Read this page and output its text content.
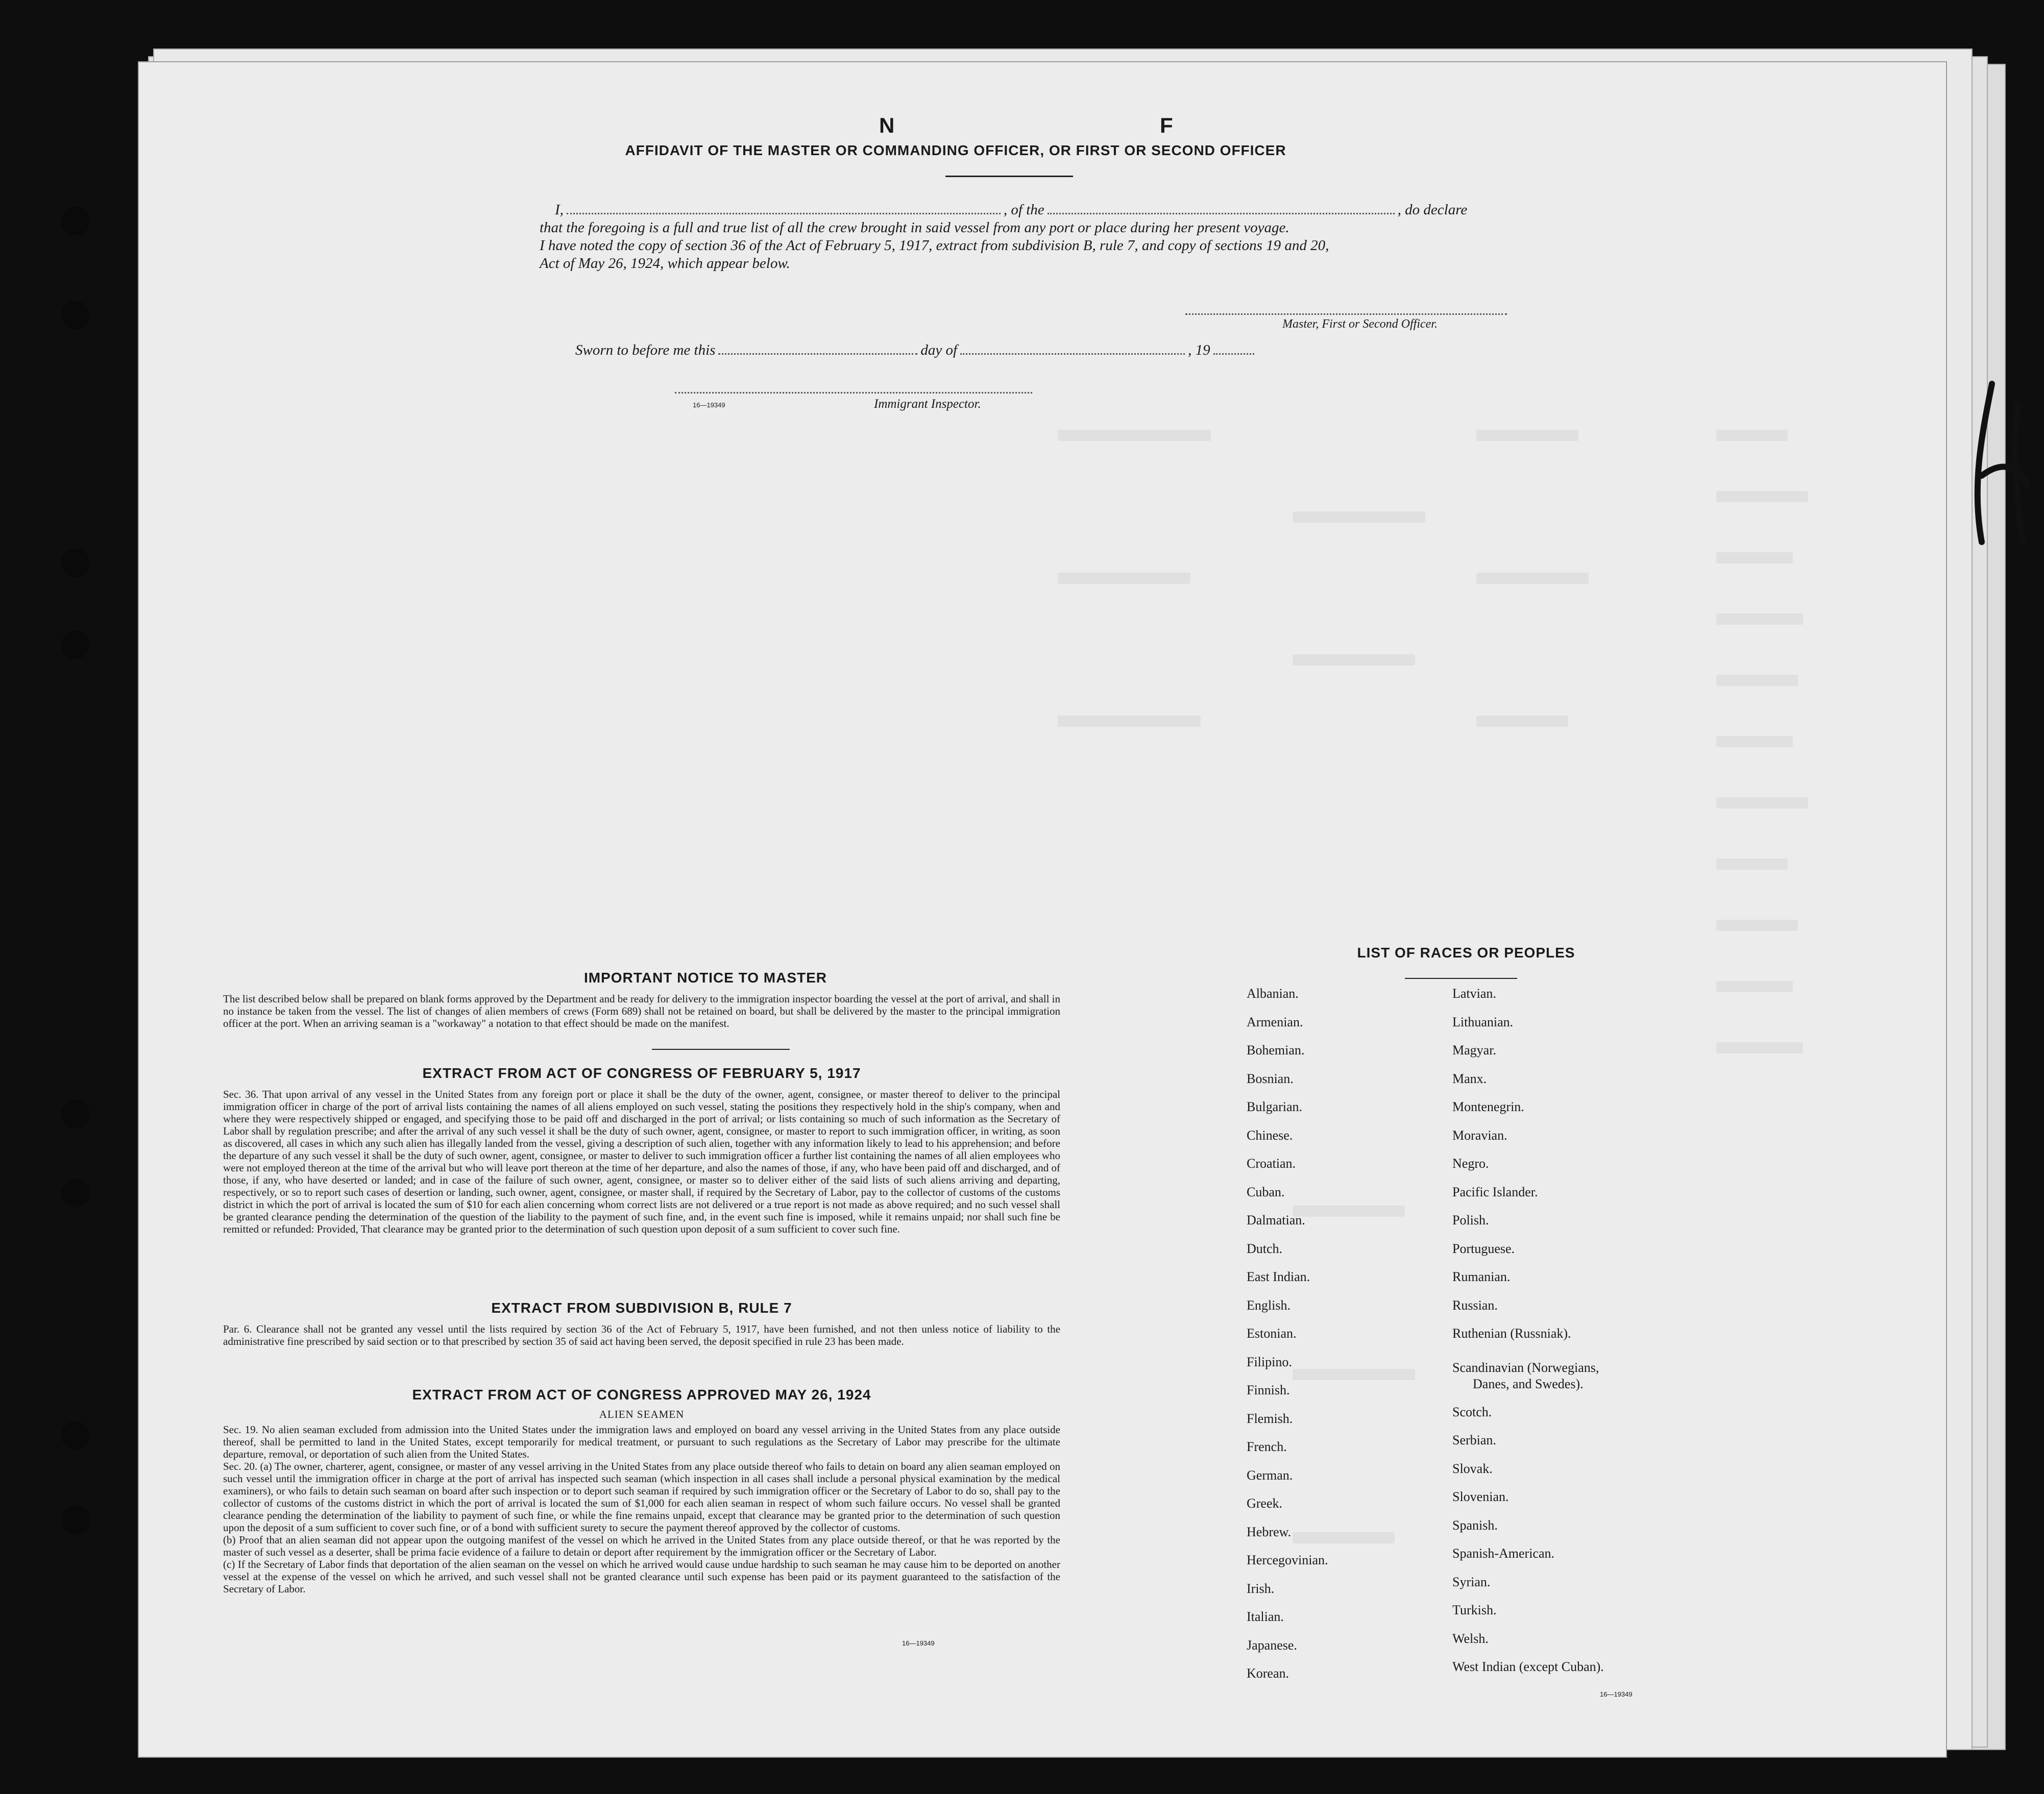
N	F
AFFIDAVIT OF THE MASTER OR COMMANDING OFFICER, OR FIRST OR SECOND OFFICER
I,	, of the	, do declare
that the foregoing is a full and true list of all the crew brought in said vessel from any port or place during her present voyage.
I have noted the copy of section 36 of the Act of February 5, 1917, extract from subdivision B, rule 7, and copy of sections 19 and 20,
Act of May 26, 1924, which appear below.
Master, First or Second Officer.
Sworn to before me this	day of	, 19
16—19349	Immigrant Inspector.
IMPORTANT NOTICE TO MASTER
The list described below shall be prepared on blank forms approved by the Department and be ready for delivery to the immigration inspector boarding the vessel at the port of arrival, and shall in no instance be taken from the vessel. The list of changes of alien members of crews (Form 689) shall not be retained on board, but shall be delivered by the master to the principal immigration officer at the port. When an arriving seaman is a "workaway" a notation to that effect should be made on the manifest.
EXTRACT FROM ACT OF CONGRESS OF FEBRUARY 5, 1917
Sec. 36. That upon arrival of any vessel in the United States from any foreign port or place it shall be the duty of the owner, agent, consignee, or master thereof to deliver to the principal immigration officer in charge of the port of arrival lists containing the names of all aliens employed on such vessel, stating the positions they respectively hold in the ship's company, when and where they were respectively shipped or engaged, and specifying those to be paid off and discharged in the port of arrival; or lists containing so much of such information as the Secretary of Labor shall by regulation prescribe; and after the arrival of any such vessel it shall be the duty of such owner, agent, consignee, or master to report to such immigration officer, in writing, as soon as discovered, all cases in which any such alien has illegally landed from the vessel, giving a description of such alien, together with any information likely to lead to his apprehension; and before the departure of any such vessel it shall be the duty of such owner, agent, consignee, or master to deliver to such immigration officer a further list containing the names of all alien employees who were not employed thereon at the time of the arrival but who will leave port thereon at the time of her departure, and also the names of those, if any, who have been paid off and discharged, and of those, if any, who have deserted or landed; and in case of the failure of such owner, agent, consignee, or master so to deliver either of the said lists of such aliens arriving and departing, respectively, or so to report such cases of desertion or landing, such owner, agent, consignee, or master shall, if required by the Secretary of Labor, pay to the collector of customs of the customs district in which the port of arrival is located the sum of $10 for each alien concerning whom correct lists are not delivered or a true report is not made as above required; and no such vessel shall be granted clearance pending the determination of the question of the liability to the payment of such fine, and, in the event such fine is imposed, while it remains unpaid; nor shall such fine be remitted or refunded: Provided, That clearance may be granted prior to the determination of such question upon deposit of a sum sufficient to cover such fine.
EXTRACT FROM SUBDIVISION B, RULE 7
Par. 6. Clearance shall not be granted any vessel until the lists required by section 36 of the Act of February 5, 1917, have been furnished, and not then unless notice of liability to the administrative fine prescribed by said section or to that prescribed by section 35 of said act having been served, the deposit specified in rule 23 has been made.
EXTRACT FROM ACT OF CONGRESS APPROVED MAY 26, 1924
ALIEN SEAMEN
Sec. 19. No alien seaman excluded from admission into the United States under the immigration laws and employed on board any vessel arriving in the United States from any place outside thereof, shall be permitted to land in the United States, except temporarily for medical treatment, or pursuant to such regulations as the Secretary of Labor may prescribe for the ultimate departure, removal, or deportation of such alien from the United States.
Sec. 20. (a) The owner, charterer, agent, consignee, or master of any vessel arriving in the United States from any place outside thereof who fails to detain on board any alien seaman employed on such vessel until the immigration officer in charge at the port of arrival has inspected such seaman (which inspection in all cases shall include a personal physical examination by the medical examiners), or who fails to detain such seaman on board after such inspection or to deport such seaman if required by such immigration officer or the Secretary of Labor to do so, shall pay to the collector of customs of the customs district in which the port of arrival is located the sum of $1,000 for each alien seaman in respect of whom such failure occurs. No vessel shall be granted clearance pending the determination of the liability to payment of such fine, or while the fine remains unpaid, except that clearance may be granted prior to the determination of such question upon the deposit of a sum sufficient to cover such fine, or of a bond with sufficient surety to secure the payment thereof approved by the collector of customs.
(b) Proof that an alien seaman did not appear upon the outgoing manifest of the vessel on which he arrived in the United States from any place outside thereof, or that he was reported by the master of such vessel as a deserter, shall be prima facie evidence of a failure to detain or deport after requirement by the immigration officer or the Secretary of Labor.
(c) If the Secretary of Labor finds that deportation of the alien seaman on the vessel on which he arrived would cause undue hardship to such seaman he may cause him to be deported on another vessel at the expense of the vessel on which he arrived, and such vessel shall not be granted clearance until such expense has been paid or its payment guaranteed to the satisfaction of the Secretary of Labor.
16—19349
LIST OF RACES OR PEOPLES
Albanian.
Armenian.
Bohemian.
Bosnian.
Bulgarian.
Chinese.
Croatian.
Cuban.
Dalmatian.
Dutch.
East Indian.
English.
Estonian.
Filipino.
Finnish.
Flemish.
French.
German.
Greek.
Hebrew.
Hercegovinian.
Irish.
Italian.
Japanese.
Korean.
Latvian.
Lithuanian.
Magyar.
Manx.
Montenegrin.
Moravian.
Negro.
Pacific Islander.
Polish.
Portuguese.
Rumanian.
Russian.
Ruthenian (Russniak).
Scandinavian (Norwegians,
Danes, and Swedes).
Scotch.
Serbian.
Slovak.
Slovenian.
Spanish.
Spanish-American.
Syrian.
Turkish.
Welsh.
West Indian (except Cuban).
16—19349
